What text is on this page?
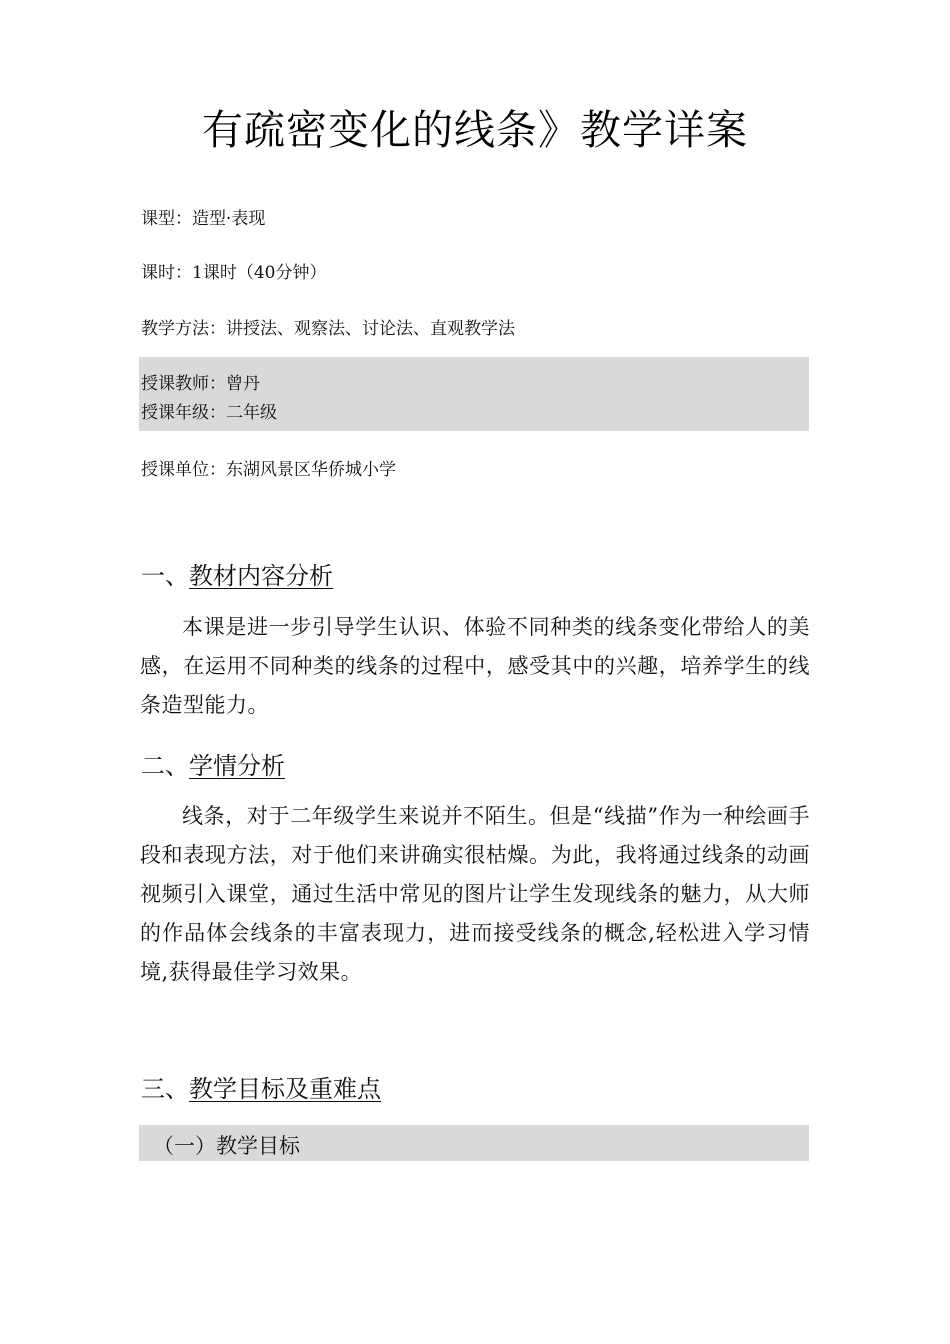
有疏密变化的线条》教学详案
课型：造型·表现
课时：1课时（40分钟）
教学方法：讲授法、观察法、讨论法、直观教学法
授课教师：曾丹
授课年级：二年级
授课单位：东湖风景区华侨城小学
一、教材内容分析
本课是进一步引导学生认识、体验不同种类的线条变化带给人的美感，在运用不同种类的线条的过程中，感受其中的兴趣，培养学生的线条造型能力。
二、学情分析
线条，对于二年级学生来说并不陌生。但是“线描”作为一种绘画手段和表现方法，对于他们来讲确实很枯燥。为此，我将通过线条的动画视频引入课堂，通过生活中常见的图片让学生发现线条的魅力，从大师的作品体会线条的丰富表现力，进而接受线条的概念,轻松进入学习情境,获得最佳学习效果。
三、教学目标及重难点
（一）教学目标
